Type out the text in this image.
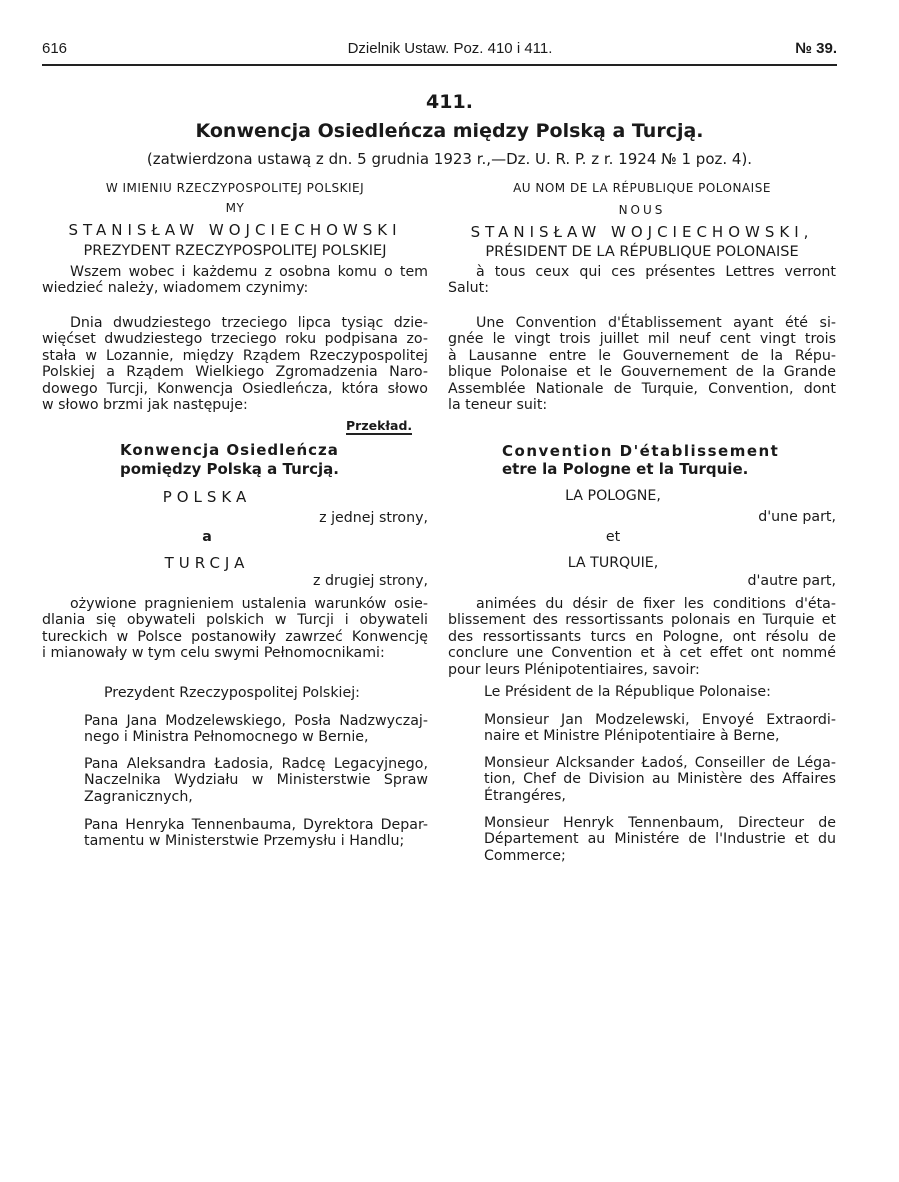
616	Dzielnik Ustaw. Poz. 410 i 411.	№ 39.
411.
Konwencja Osiedleńcza między Polską a Turcją.
(zatwierdzona ustawą z dn. 5 grudnia 1923 r.,—Dz. U. R. P. z r. 1924 № 1 poz. 4).
W IMIENIU RZECZYPOSPOLITEJ POLSKIEJ
MY
STANISŁAW WOJCIECHOWSKI
PREZYDENT RZECZYPOSPOLITEJ POLSKIEJ
Wszem wobec i każdemu z osobna komu o tem
wiedzieć należy, wiadomem czynimy:
Dnia dwudziestego trzeciego lipca tysiąc dzie-
więćset dwudziestego trzeciego roku podpisana zo-
stała w Lozannie, między Rządem Rzeczypospolitej
Polskiej a Rządem Wielkiego Zgromadzenia Naro-
dowego Turcji, Konwencja Osiedleńcza, która słowo
w słowo brzmi jak następuje:
Przekład.
Konwencja Osiedleńcza
pomiędzy Polską a Turcją.
POLSKA
z jednej strony,
a
TURCJA
z drugiej strony,
ożywione pragnieniem ustalenia warunków osie-
dlania się obywateli polskich w Turcji i obywateli
tureckich w Polsce postanowiły zawrzeć Konwencję
i mianowały w tym celu swymi Pełnomocnikami:
Prezydent Rzeczypospolitej Polskiej:
Pana Jana Modzelewskiego, Posła Nadzwyczaj-
nego i Ministra Pełnomocnego w Bernie,
Pana Aleksandra Ładosia, Radcę Legacyjnego,
Naczelnika Wydziału w Ministerstwie Spraw
Zagranicznych,
Pana Henryka Tennenbauma, Dyrektora Depar-
tamentu w Ministerstwie Przemysłu i Handlu;
AU NOM DE LA RÉPUBLIQUE POLONAISE
NOUS
STANISŁAW WOJCIECHOWSKI,
PRÉSIDENT DE LA RÉPUBLIQUE POLONAISE
à tous ceux qui ces présentes Lettres verront
Salut:
Une Convention d'Établissement ayant été si-
gnée le vingt trois juillet mil neuf cent vingt trois
à Lausanne entre le Gouvernement de la Répu-
blique Polonaise et le Gouvernement de la Grande
Assemblée Nationale de Turquie, Convention, dont
la teneur suit:
Convention D'établissement
etre la Pologne et la Turquie.
LA POLOGNE,
d'une part,
et
LA TURQUIE,
d'autre part,
animées du désir de fixer les conditions d'éta-
blissement des ressortissants polonais en Turquie et
des ressortissants turcs en Pologne, ont résolu de
conclure une Convention et à cet effet ont nommé
pour leurs Plénipotentiaires, savoir:
Le Président de la République Polonaise:
Monsieur Jan Modzelewski, Envoyé Extraordi-
naire et Ministre Plénipotentiaire à Berne,
Monsieur Alcksander Ładoś, Conseiller de Léga-
tion, Chef de Division au Ministère des Affaires
Étrangéres,
Monsieur Henryk Tennenbaum, Directeur de
Département au Ministére de l'Industrie et du
Commerce;
